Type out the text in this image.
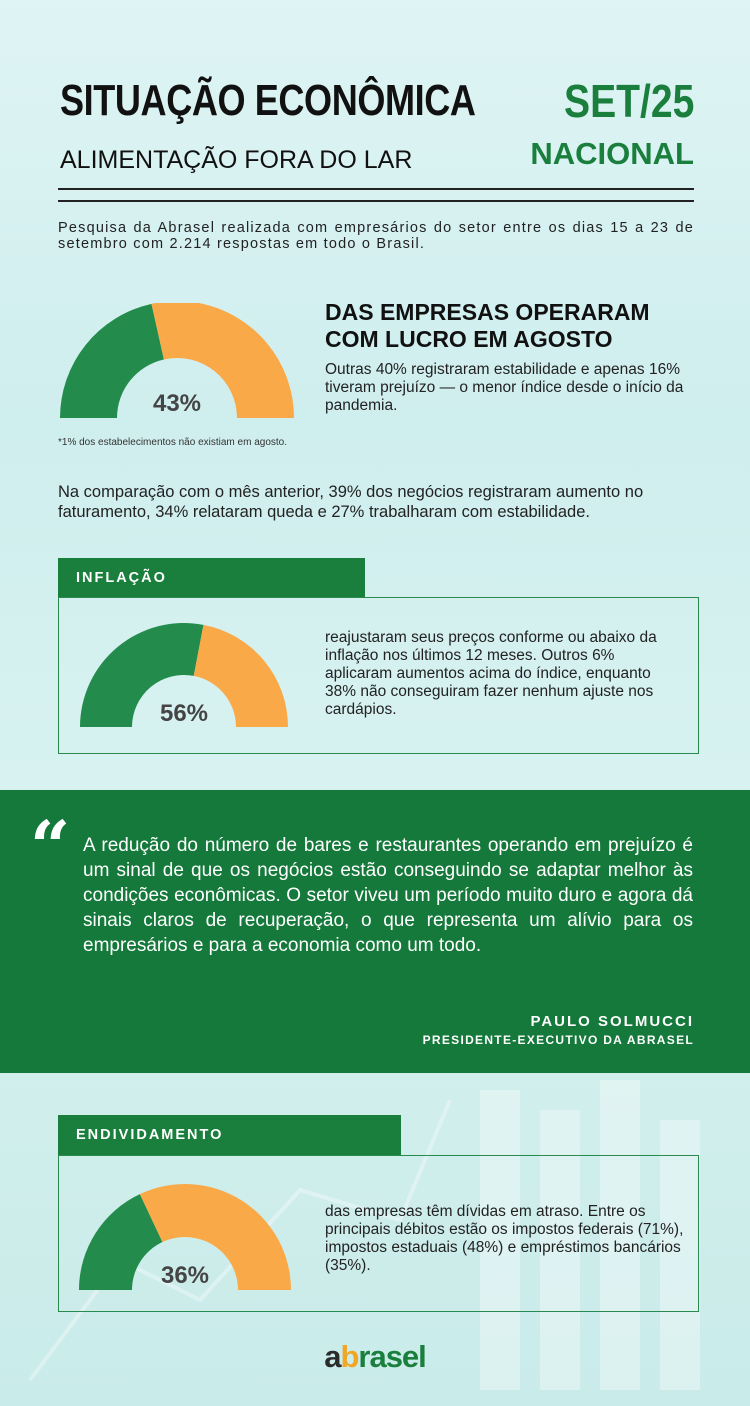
SITUAÇÃO ECONÔMICA
ALIMENTAÇÃO FORA DO LAR
SET/25
NACIONAL
Pesquisa da Abrasel realizada com empresários do setor entre os dias 15 a 23 de setembro com 2.214 respostas em todo o Brasil.
43%
DAS EMPRESAS OPERARAM COM LUCRO EM AGOSTO
Outras 40% registraram estabilidade e apenas 16% tiveram prejuízo — o menor índice desde o início da pandemia.
*1% dos estabelecimentos não existiam em agosto.
Na comparação com o mês anterior, 39% dos negócios registraram aumento no faturamento, 34% relataram queda e 27% trabalharam com estabilidade.
INFLAÇÃO
56%
reajustaram seus preços conforme ou abaixo da inflação nos últimos 12 meses. Outros 6% aplicaram aumentos acima do índice, enquanto 38% não conseguiram fazer nenhum ajuste nos cardápios.
“ A redução do número de bares e restaurantes operando em prejuízo é um sinal de que os negócios estão conseguindo se adaptar melhor às condições econômicas. O setor viveu um período muito duro e agora dá sinais claros de recuperação, o que representa um alívio para os empresários e para a economia como um todo.
PAULO SOLMUCCI
PRESIDENTE-EXECUTIVO DA ABRASEL
ENDIVIDAMENTO
36%
das empresas têm dívidas em atraso. Entre os principais débitos estão os impostos federais (71%), impostos estaduais (48%) e empréstimos bancários (35%).
abrasel
